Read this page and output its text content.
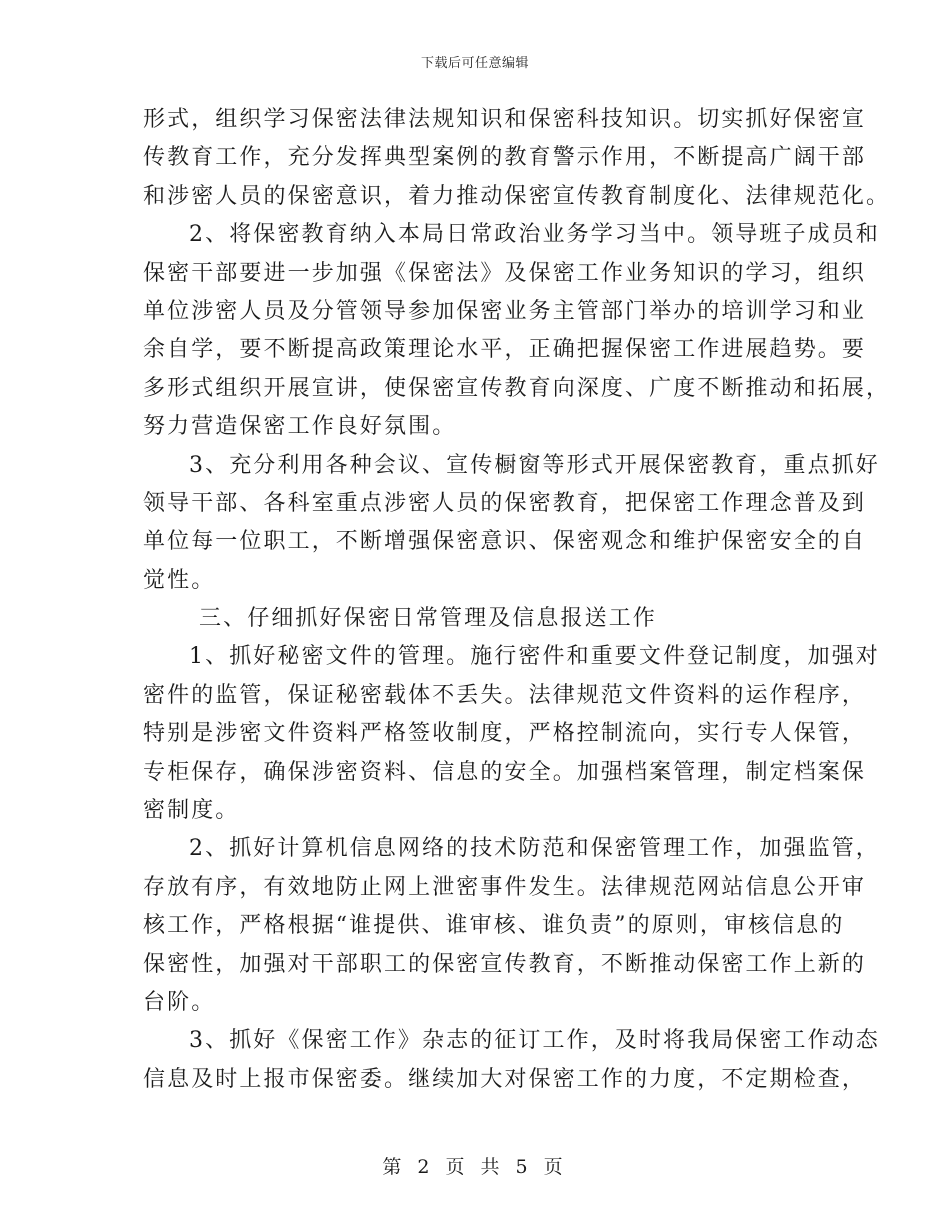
下载后可任意编辑
形式，组织学习保密法律法规知识和保密科技知识。切实抓好保密宣
传教育工作，充分发挥典型案例的教育警示作用，不断提高广阔干部
和涉密人员的保密意识，着力推动保密宣传教育制度化、法律规范化。
2、将保密教育纳入本局日常政治业务学习当中。领导班子成员和
保密干部要进一步加强《保密法》及保密工作业务知识的学习，组织
单位涉密人员及分管领导参加保密业务主管部门举办的培训学习和业
余自学，要不断提高政策理论水平，正确把握保密工作进展趋势。要
多形式组织开展宣讲，使保密宣传教育向深度、广度不断推动和拓展，
努力营造保密工作良好氛围。
3、充分利用各种会议、宣传橱窗等形式开展保密教育，重点抓好
领导干部、各科室重点涉密人员的保密教育，把保密工作理念普及到
单位每一位职工，不断增强保密意识、保密观念和维护保密安全的自
觉性。
三、仔细抓好保密日常管理及信息报送工作
1、抓好秘密文件的管理。施行密件和重要文件登记制度，加强对
密件的监管，保证秘密载体不丢失。法律规范文件资料的运作程序，
特别是涉密文件资料严格签收制度，严格控制流向，实行专人保管，
专柜保存，确保涉密资料、信息的安全。加强档案管理，制定档案保
密制度。
2、抓好计算机信息网络的技术防范和保密管理工作，加强监管，
存放有序，有效地防止网上泄密事件发生。法律规范网站信息公开审
核工作，严格根据“谁提供、谁审核、谁负责”的原则，审核信息的
保密性，加强对干部职工的保密宣传教育，不断推动保密工作上新的
台阶。
3、抓好《保密工作》杂志的征订工作，及时将我局保密工作动态
信息及时上报市保密委。继续加大对保密工作的力度，不定期检查，
第 2 页 共 5 页
